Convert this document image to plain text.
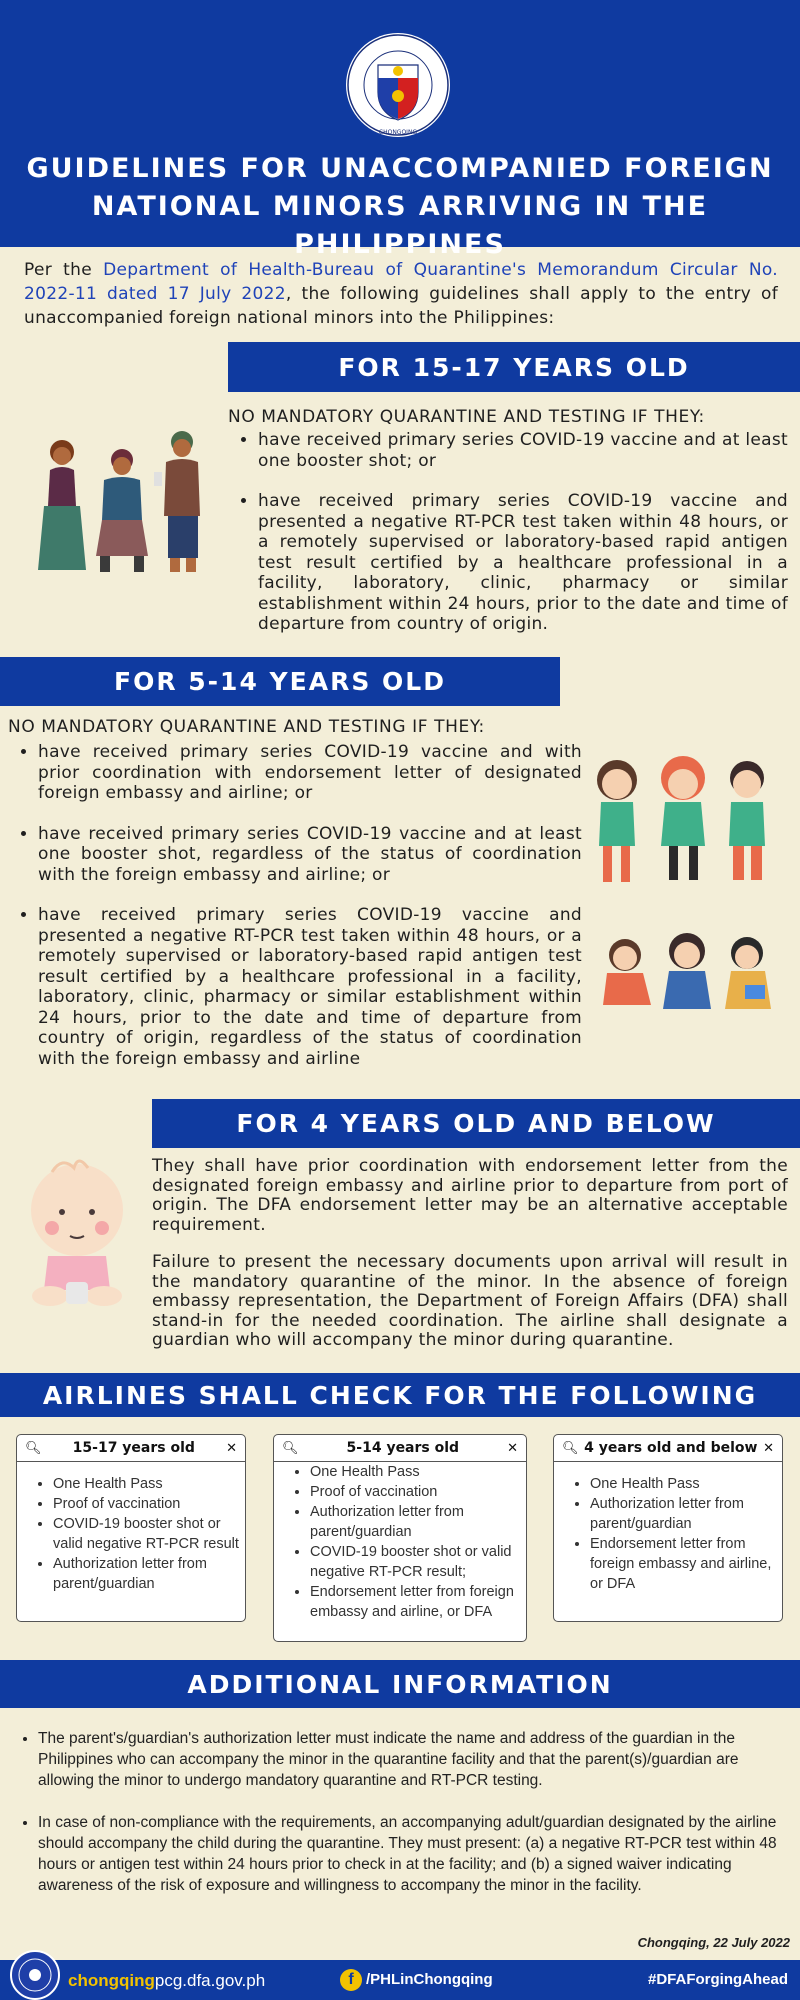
CHONGQING
GUIDELINES FOR UNACCOMPANIED FOREIGN
NATIONAL MINORS ARRIVING IN THE PHILIPPINES
Per the Department of Health-Bureau of Quarantine's Memorandum Circular No. 2022-11 dated 17 July 2022, the following guidelines shall apply to the entry of unaccompanied foreign national minors into the Philippines:
FOR 15-17 YEARS OLD
NO MANDATORY QUARANTINE AND TESTING IF THEY:
• have received primary series COVID-19 vaccine and at least one booster shot; or
• have received primary series COVID-19 vaccine and presented a negative RT-PCR test taken within 48 hours, or a remotely supervised or laboratory-based rapid antigen test result certified by a healthcare professional in a facility, laboratory, clinic, pharmacy or similar establishment within 24 hours, prior to the date and time of departure from country of origin.
FOR 5-14 YEARS OLD
NO MANDATORY QUARANTINE AND TESTING IF THEY:
• have received primary series COVID-19 vaccine and with prior coordination with endorsement letter of designated foreign embassy and airline; or
• have received primary series COVID-19 vaccine and at least one booster shot, regardless of the status of coordination with the foreign embassy and airline; or
• have received primary series COVID-19 vaccine and presented a negative RT-PCR test taken within 48 hours, or a remotely supervised or laboratory-based rapid antigen test result certified by a healthcare professional in a facility, laboratory, clinic, pharmacy or similar establishment within 24 hours, prior to the date and time of departure from country of origin, regardless of the status of coordination with the foreign embassy and airline
FOR 4 YEARS OLD AND BELOW

They shall have prior coordination with endorsement letter from the designated foreign embassy and airline prior to departure from port of origin. The DFA endorsement letter may be an alternative acceptable requirement.

Failure to present the necessary documents upon arrival will result in the mandatory quarantine of the minor. In the absence of foreign embassy representation, the Department of Foreign Affairs (DFA) shall stand-in for the needed coordination. The airline shall designate a guardian who will accompany the minor during quarantine.

AIRLINES SHALL CHECK FOR THE FOLLOWING
🔍︎ 15-17 years old ✕
• One Health Pass
• Proof of vaccination
• COVID-19 booster shot or valid negative RT-PCR result
• Authorization letter from parent/guardian
🔍︎	5-14 years old	✕
• One Health Pass
• Proof of vaccination
• Authorization letter from parent/guardian
• COVID-19 booster shot or valid negative RT-PCR result;
• Endorsement letter from foreign embassy and airline, or DFA
🔍︎ 4 years old and below ✕
• One Health Pass
• Authorization letter from parent/guardian
• Endorsement letter from foreign embassy and airline, or DFA
ADDITIONAL INFORMATION
• The parent's/guardian's authorization letter must indicate the name and address of the guardian in the Philippines who can accompany the minor in the quarantine facility and that the parent(s)/guardian are allowing the minor to undergo mandatory quarantine and RT-PCR testing.
• In case of non-compliance with the requirements, an accompanying adult/guardian designated by the airline should accompany the child during the quarantine. They must present: (a) a negative RT-PCR test within 48 hours or antigen test within 24 hours prior to check in at the facility; and (b) a signed waiver indicating awareness of the risk of exposure and willingness to accompany the minor in the facility.
Chongqing, 22 July 2022
chongqingpcg.dfa.gov.ph	f /PHLinChongqing	#DFAForgingAhead
